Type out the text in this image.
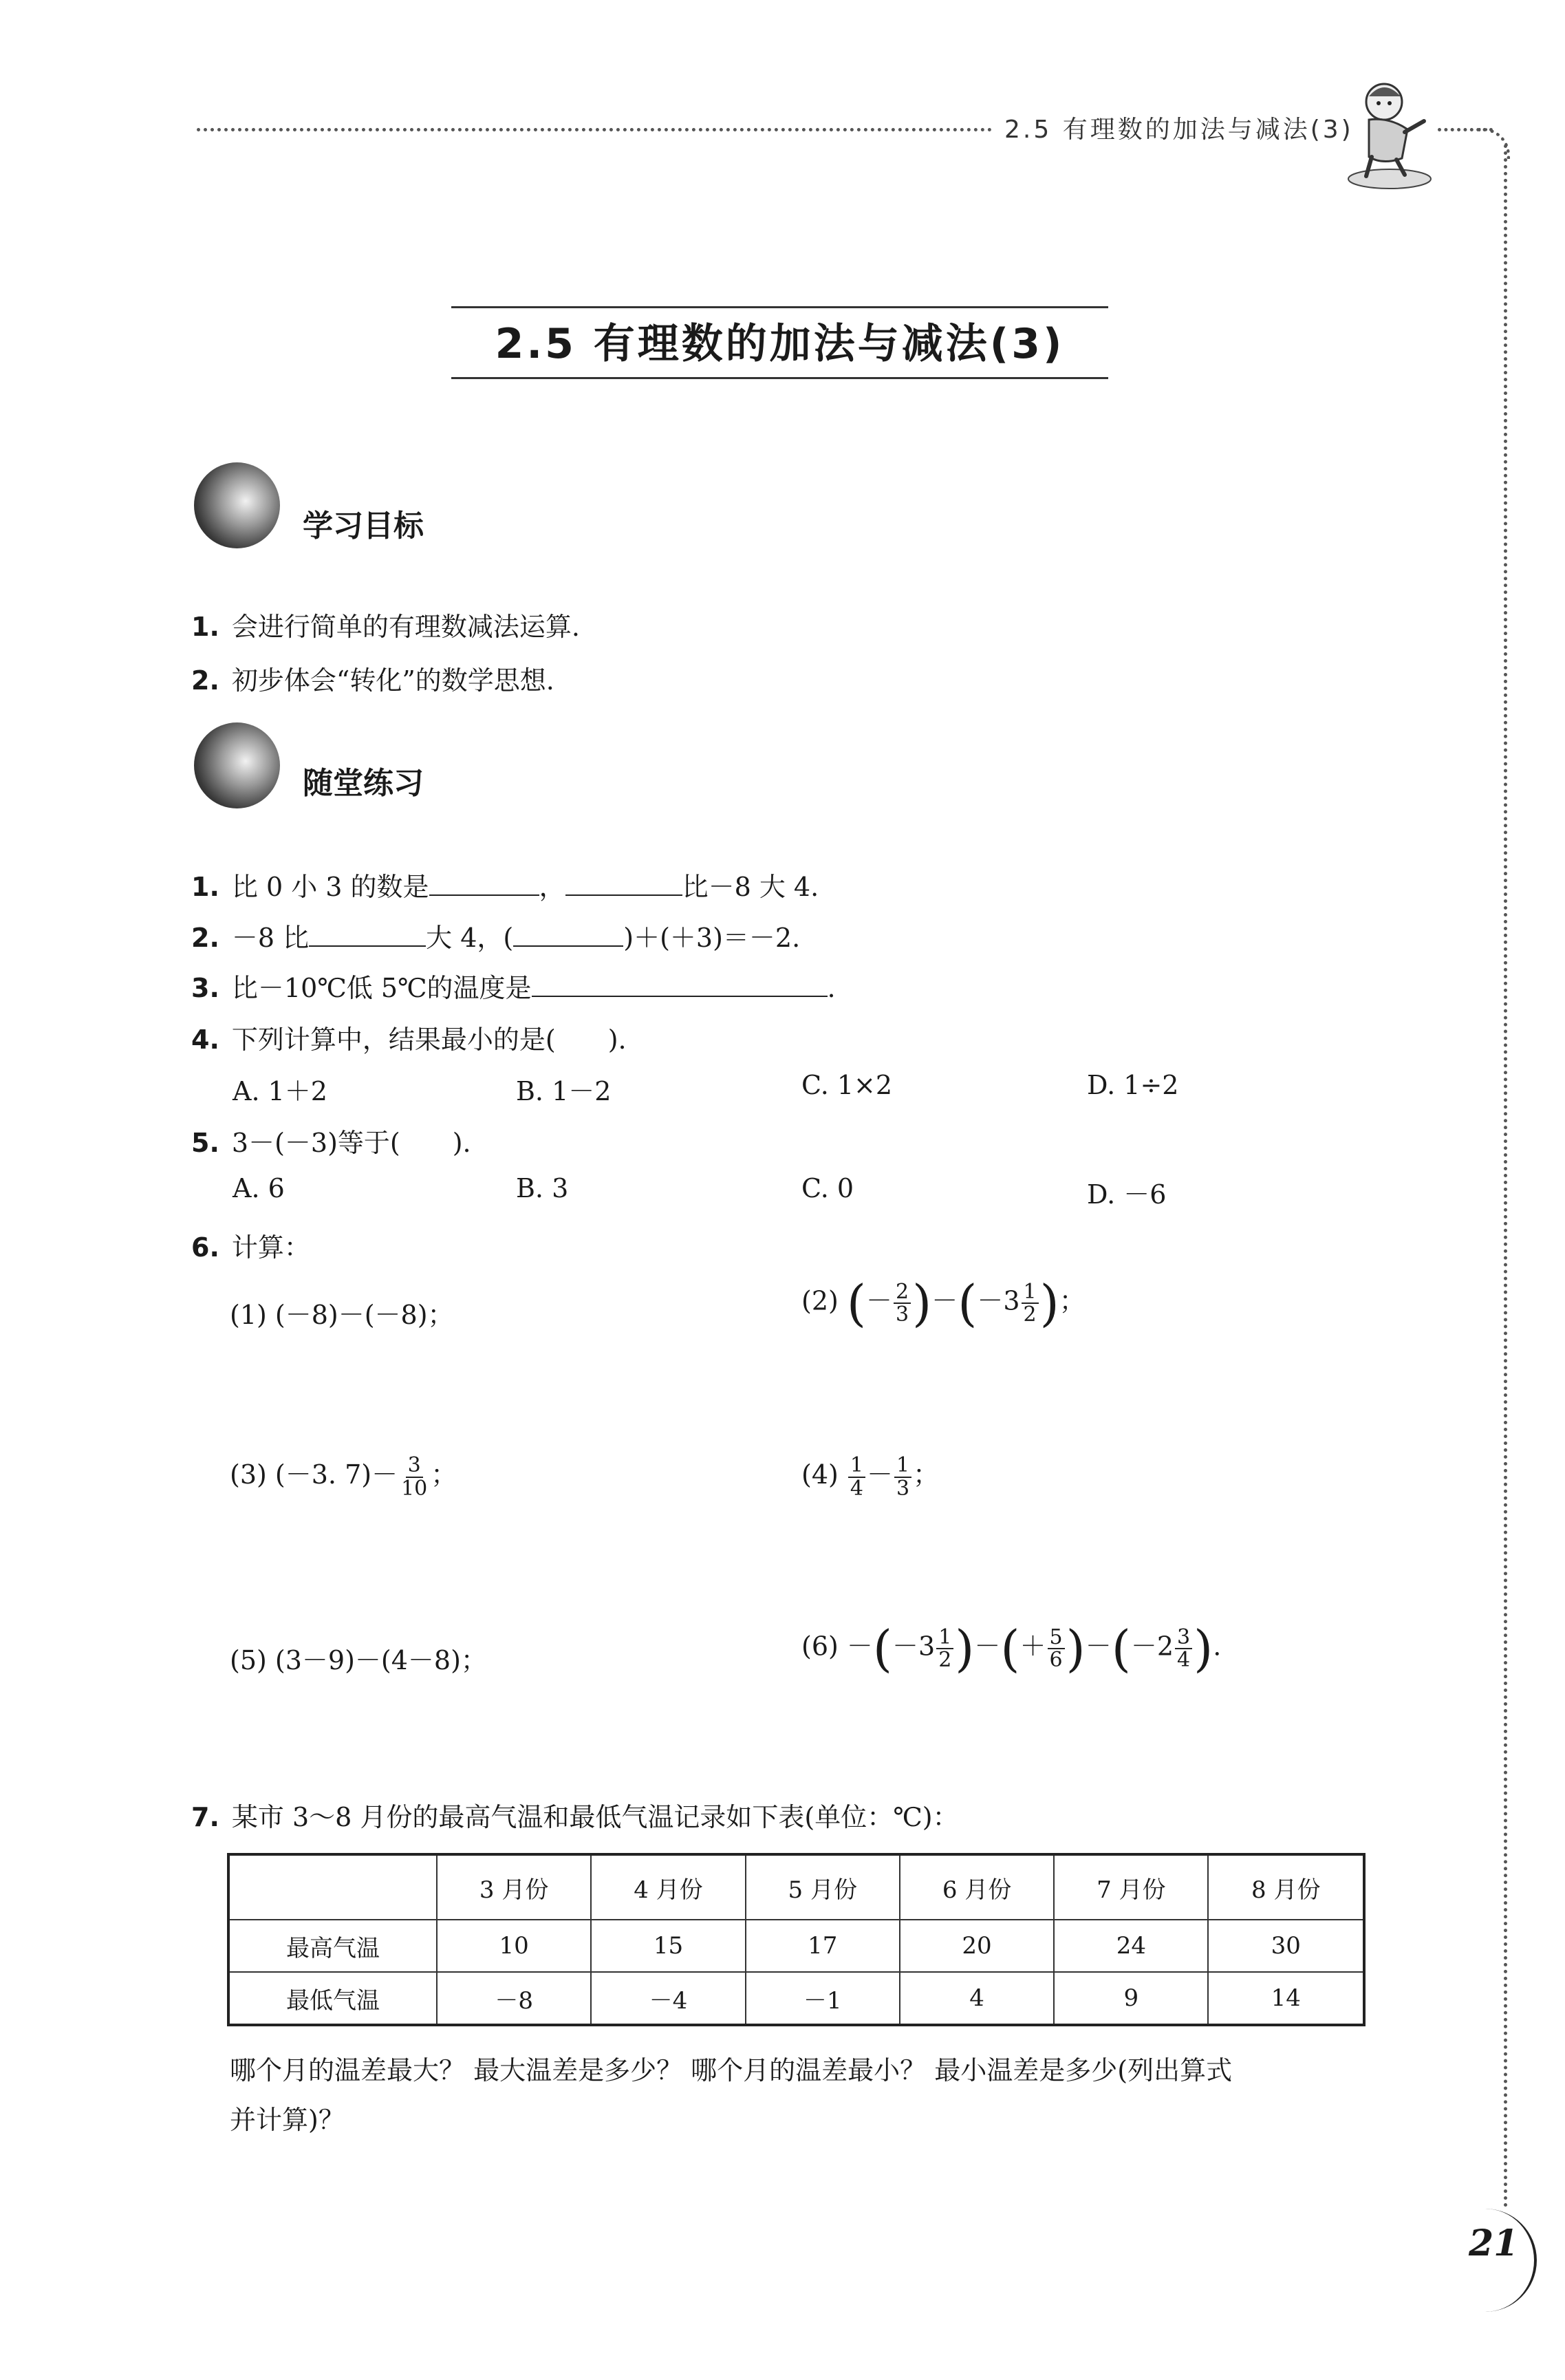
2.5 有理数的加法与减法(3)
2.5 有理数的加法与减法(3)
学习目标
1. 会进行简单的有理数减法运算.
2. 初步体会“转化”的数学思想.
随堂练习
1. 比 0 小 3 的数是	，	比－8 大 4.
2. －8 比	大 4，(	)＋(＋3)＝－2.
3. 比－10℃低 5℃的温度是	.
4. 下列计算中，结果最小的是(　　).
A. 1＋2	B. 1－2	C. 1×2	D. 1÷2
5. 3－(－3)等于(　　).
A. 6	B. 3	C. 0	D. －6
6. 计算：
(1) (－8)－(－8)；	(2) (－ $\frac{2}{3} )-(-3 \frac{1}{2}$ )；
(3) (－3. $7)- \frac{3}{10}$ ；	$(4) \frac{1}{4} - \frac{1}{3}$ ；
(5) (3－9)－(4－8)；	$(6) -(-3 \frac{1}{2}$ )－(＋ $\frac{5}{6} )-(-2 \frac{3}{4}$ ).
7. 某市 3～8 月份的最高气温和最低气温记录如下表(单位：℃)：
	3 月份	4 月份	5 月份	6 月份	7 月份	8 月份
最高气温	10	15	17	20	24	30
最低气温	－8	－4	－1	4	9	14
哪个月的温差最大？ 最大温差是多少？ 哪个月的温差最小？ 最小温差是多少(列出算式
并计算)？
21
